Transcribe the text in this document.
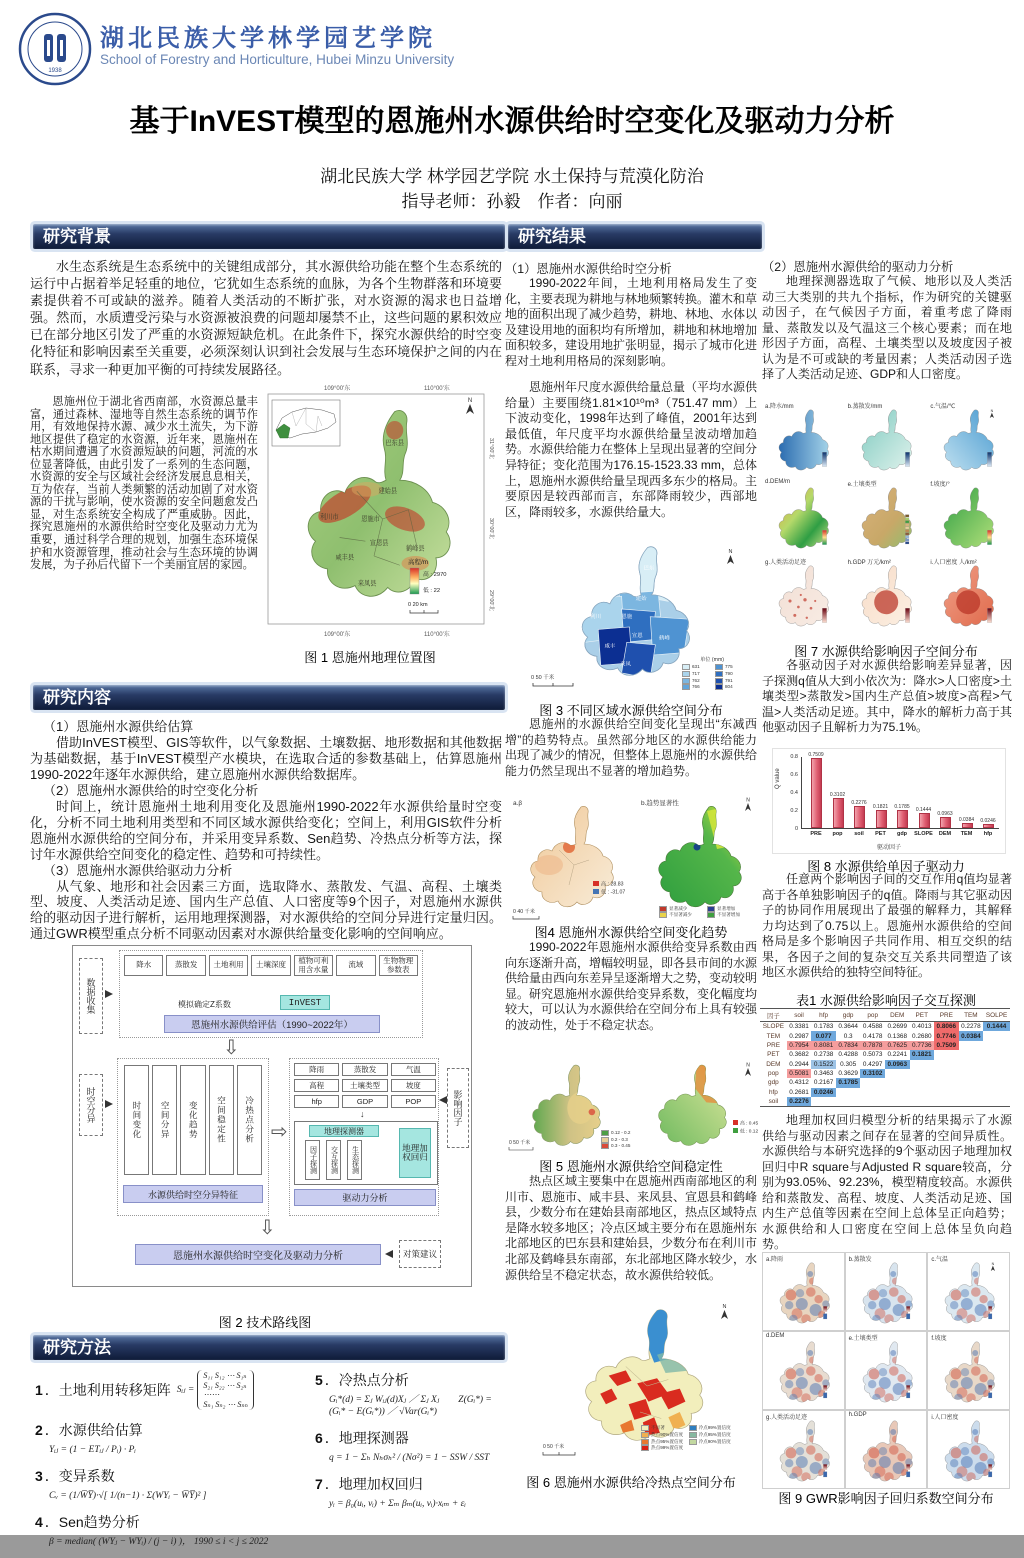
1938
湖北民族大学林学园艺学院
School of Forestry and Horticulture, Hubei Minzu University
基于InVEST模型的恩施州水源供给时空变化及驱动力分析
湖北民族大学 林学园艺学院 水土保持与荒漠化防治
指导老师：孙毅　作者：向丽
研究背景

水生态系统是生态系统中的关键组成部分，其水源供给功能在整个生态系统的运行中占据着举足轻重的地位，它犹如生态系统的血脉，为各个生物群落和环境要素提供着不可或缺的滋养。随着人类活动的不断扩张，对水资源的渴求也日益增强。然而，水质遭受污染与水资源被浪费的问题却屡禁不止，这些问题的累积效应已在部分地区引发了严重的水资源短缺危机。在此条件下，探究水源供给的时空变化特征和影响因素至关重要，必须深刻认识到社会发展与生态环境保护之间的内在联系，寻求一种更加平衡的可持续发展路径。

恩施州位于湖北省西南部，水资源总量丰富，通过森林、湿地等自然生态系统的调节作用，有效地保持水源、减少水土流失，为下游地区提供了稳定的水资源，近年来，恩施州在枯水期间遭遇了水资源短缺的问题，河流的水位显著降低，由此引发了一系列的生态问题，水资源的安全与区域社会经济发展息息相关，互为依存，当前人类频繁的活动加剧了对水资源的干扰与影响，使水资源的安全问题愈发凸显，对生态系统安全构成了严重威胁。因此，探究恩施州的水源供给时空变化及驱动力尤为重要，通过科学合理的规划，加强生态环境保护和水资源管理，推动社会与生态环境的协调发展，为子孙后代留下一个美丽宜居的家园。

109°00'东	110°00'东
109°00'东	110°00'东
31°00'北
30°00'北
29°00'北
N
巴东县
建始县
恩施市
利川市
宣恩县
鹤峰县
咸丰县
来凤县
高程/m
高 : 2970
低 : 22
0 20 km
图 1 恩施州地理位置图
研究内容
（1）恩施州水源供给估算
借助InVEST模型、GIS等软件，以气象数据、土壤数据、地形数据和其他数据为基础数据，基于InVEST模型产水模块，在选取合适的参数基础上，估算恩施州1990-2022年逐年水源供给，建立恩施州水源供给数据库。
（2）恩施州水源供给的时空变化分析
时间上，统计恩施州土地利用变化及恩施州1990-2022年水源供给量时空变化，分析不同土地利用类型和不同区域水源供给变化；空间上，利用GIS软件分析恩施州水源供给的空间分布，并采用变异系数、Sen趋势、冷热点分析等方法，探讨年水源供给空间变化的稳定性、趋势和可持续性。
（3）恩施州水源供给驱动力分析
从气象、地形和社会因素三方面，选取降水、蒸散发、气温、高程、土壤类型、坡度、人类活动足迹、国内生产总值、人口密度等9个因子，对恩施州水源供给的驱动因子进行解析，运用地理探测器，对水源供给的空间分异进行定量归因。通过GWR模型重点分析不同驱动因素对水源供给量变化影响的空间响应。
数据收集
降水	蒸散发	土地利用	土壤深度	植物可利用含水量	流域	生物物理参数表
模拟确定Z系数	InVEST
恩施州水源供给评估（1990~2022年）
⇩
时空分异	时间变化	空间分异	变化趋势	空间稳定性	冷热点分析
水源供给时空分异特征
⇨
降雨	蒸散发	气温
高程	土壤类型	坡度
hfp	GDP	POP
↓
地理探测器
因子探测	交互探测	生态探测	地理加权回归
驱动力分析
影响因子
⇩
恩施州水源供给时空变化及驱动力分析	对策建议
图 2 技术路线图
研究方法
1 ．土地利用转移矩阵 Sᵢⱼ =
S₁₁ S₁₂ ⋯ S₁ₙ
S₂₁ S₂₂ ⋯ S₂ₙ
⋯⋯
Sₙ₁ Sₙ₂ ⋯ Sₙₙ
2 ．水源供给估算
Yᵢⱼ = (1 − ETᵢⱼ / Pᵢ) · Pᵢ
3 ．变异系数
Cᵥ = (1/W̅Y̅)·√[ 1/(n−1) · Σ(WYᵢ − W̅Y̅)² ]
4 ．Sen趋势分析
β = median( (WYⱼ − WYᵢ) / (j − i) )， 1990 ≤ i < j ≤ 2022
5 ．冷热点分析
Gᵢ*(d) = Σⱼ Wᵢⱼ(d)Xⱼ ／ Σⱼ Xⱼ　　Z(Gᵢ*) = (Gᵢ* − E(Gᵢ*)) ／ √Var(Gᵢ*)
6 ．地理探测器
q = 1 − Σₕ Nₕσₕ² / (Nσ²) = 1 − SSW / SST
7 ．地理加权回归
yᵢ = β₀(uᵢ, vᵢ) + Σₘ βₘ(uᵢ, vᵢ)·xᵢₘ + εᵢ
研究结果
（1）恩施州水源供给时空分析

1990-2022年间，土地利用格局发生了变化，主要表现为耕地与林地频繁转换。灌木和草地的面积出现了减少趋势，耕地、林地、水体以及建设用地的面积均有所增加，耕地和林地增加面积较多，建设用地扩张明显，揭示了城市化进程对土地利用格局的深刻影响。

恩施州年尺度水源供给量总量（平均水源供给量）主要围绕1.81×10¹⁰m³（751.47 mm）上下波动变化，1998年达到了峰值，2001年达到最低值，年尺度平均水源供给量呈波动增加趋势。水源供给能力在整体上呈现出显著的空间分异特征；变化范围为176.15-1523.33 mm，总体上，恩施州水源供给量呈现西多东少的格局。主要原因是较西部而言，东部降雨较少，西部地区，降雨较多，水源供给量大。

N
巴东
建始
恩施
利川
宣恩	鹤峰
咸丰
来凤
0 50 千米
631	775
717	790
762	791
766	804
单位 (mm)
图 3 不同区域水源供给空间分布

恩施州的水源供给空间变化呈现出“东减西增”的趋势特点。虽然部分地区的水源供给能力出现了减少的情况，但整体上恩施州的水源供给能力仍然呈现出不显著的增加趋势。

a.β
高 : 28.83
低 : -31.07
0 40 千米
b.趋势显著性	N
显著减少	显著增加
不显著减少	不显著增加
图4 恩施州水源供给空间变化趋势

1990-2022年恩施州水源供给变异系数由西向东逐渐升高，增幅较明显，即各县市间的水源供给量由西向东差异呈逐渐增大之势，变动较明显。研究恩施州水源供给变异系数，变化幅度均较大，可以认为水源供给在空间分布上具有较强的波动性，处于不稳定状态。

0 50 千米
N
高 : 0.45
低 : 0.12
0.12 - 0.2
0.2 - 0.3
0.3 - 0.45
图 5 恩施州水源供给空间稳定性

热点区域主要集中在恩施州西南部地区的利川市、恩施市、咸丰县、来凤县、宣恩县和鹤峰县，少数分布在建始县南部地区，热点区域特点是降水较多地区；冷点区域主要分布在恩施州东北部地区的巴东县和建始县，少数分布在利川市北部及鹤峰县东南部，东北部地区降水较少，水源供给呈不稳定状态，故水源供给较低。

N
0 50 千米
不显著	冷点99%置信度
热点90%置信度	冷点95%置信度
热点95%置信度	冷点90%置信度
热点99%置信度
图 6 恩施州水源供给冷热点空间分布
（2）恩施州水源供给的驱动力分析

地理探测器选取了气候、地形以及人类活动三大类别的共九个指标，作为研究的关键驱动因子，在气候因子方面，着重考虑了降雨量、蒸散发以及气温这三个核心要素；而在地形因子方面，高程、土壤类型以及坡度因子被认为是不可或缺的考量因素；人类活动因子选择了人类活动足迹、GDP和人口密度。

a.降水/mm	b.蒸散发/mm	c.气温/℃
N
d.DEM/m	e.土壤类型	f.坡度/°
g.人类活动足迹	h.GDP 万元/km²	i.人口密度 人/km²
图 7 水源供给影响因子空间分布

各驱动因子对水源供给影响差异显著，因子探测q值从大到小依次为：降水>人口密度>土壤类型>蒸散发>国内生产总值>坡度>高程>气温>人类活动足迹。其中，降水的解析力高于其他驱动因子且解析力为75.1%。

Q value
0.8
0.6
0.4
0.2
0
0.7509
PRE
0.3102
pop
0.2276
soil
0.1821
PET
0.1785
gdp
0.1444
SLOPE
0.0963
DEM
0.0384
TEM
0.0246
hfp
驱动因子
图 8 水源供给单因子驱动力

任意两个影响因子间的交互作用q值均显著高于各单独影响因子的q值。降雨与其它驱动因子的协同作用展现出了最强的解释力，其解释力均达到了0.75以上。恩施州水源供给的空间格局是多个影响因子共同作用、相互交织的结果，各因子之间的复杂交互关系共同塑造了该地区水源供给的独特空间特征。

表1 水源供给影响因子交互探测
因子	soil	hfp	gdp	pop	DEM	PET	PRE	TEM	SOLPE
SLOPE	0.3381	0.1783	0.3644	0.4588	0.2699	0.4013	0.8066	0.2278	0.1444
TEM	0.2987	0.077	0.3	0.4178	0.1368	0.2680	0.7746	0.0384	
PRE	0.7954	0.8081	0.7834	0.7878	0.7625	0.7736	0.7509		
PET	0.3682	0.2738	0.4288	0.5073	0.2241	0.1821			
DEM	0.2944	0.1522	0.305	0.4297	0.0963				
pop	0.5081	0.3463	0.3629	0.3102					
gdp	0.4312	0.2167	0.1785						
hfp	0.2681	0.0246							
soil	0.2276								

地理加权回归模型分析的结果揭示了水源供给与驱动因素之间存在显著的空间异质性。水源供给与本研究选择的9个驱动因子地理加权回归中R square与Adjusted R square较高，分别为93.05%、92.23%，模型精度较高。水源供给和蒸散发、高程、坡度、人类活动足迹、国内生产总值等因素在空间上总体呈正向趋势；水源供给和人口密度在空间上总体呈负向趋势。

a.降雨	b.蒸散发	c.气温
N
d.DEM	e.土壤类型	f.坡度
g.人类活动足迹	h.GDP	i.人口密度
图 9 GWR影响因子回归系数空间分布
